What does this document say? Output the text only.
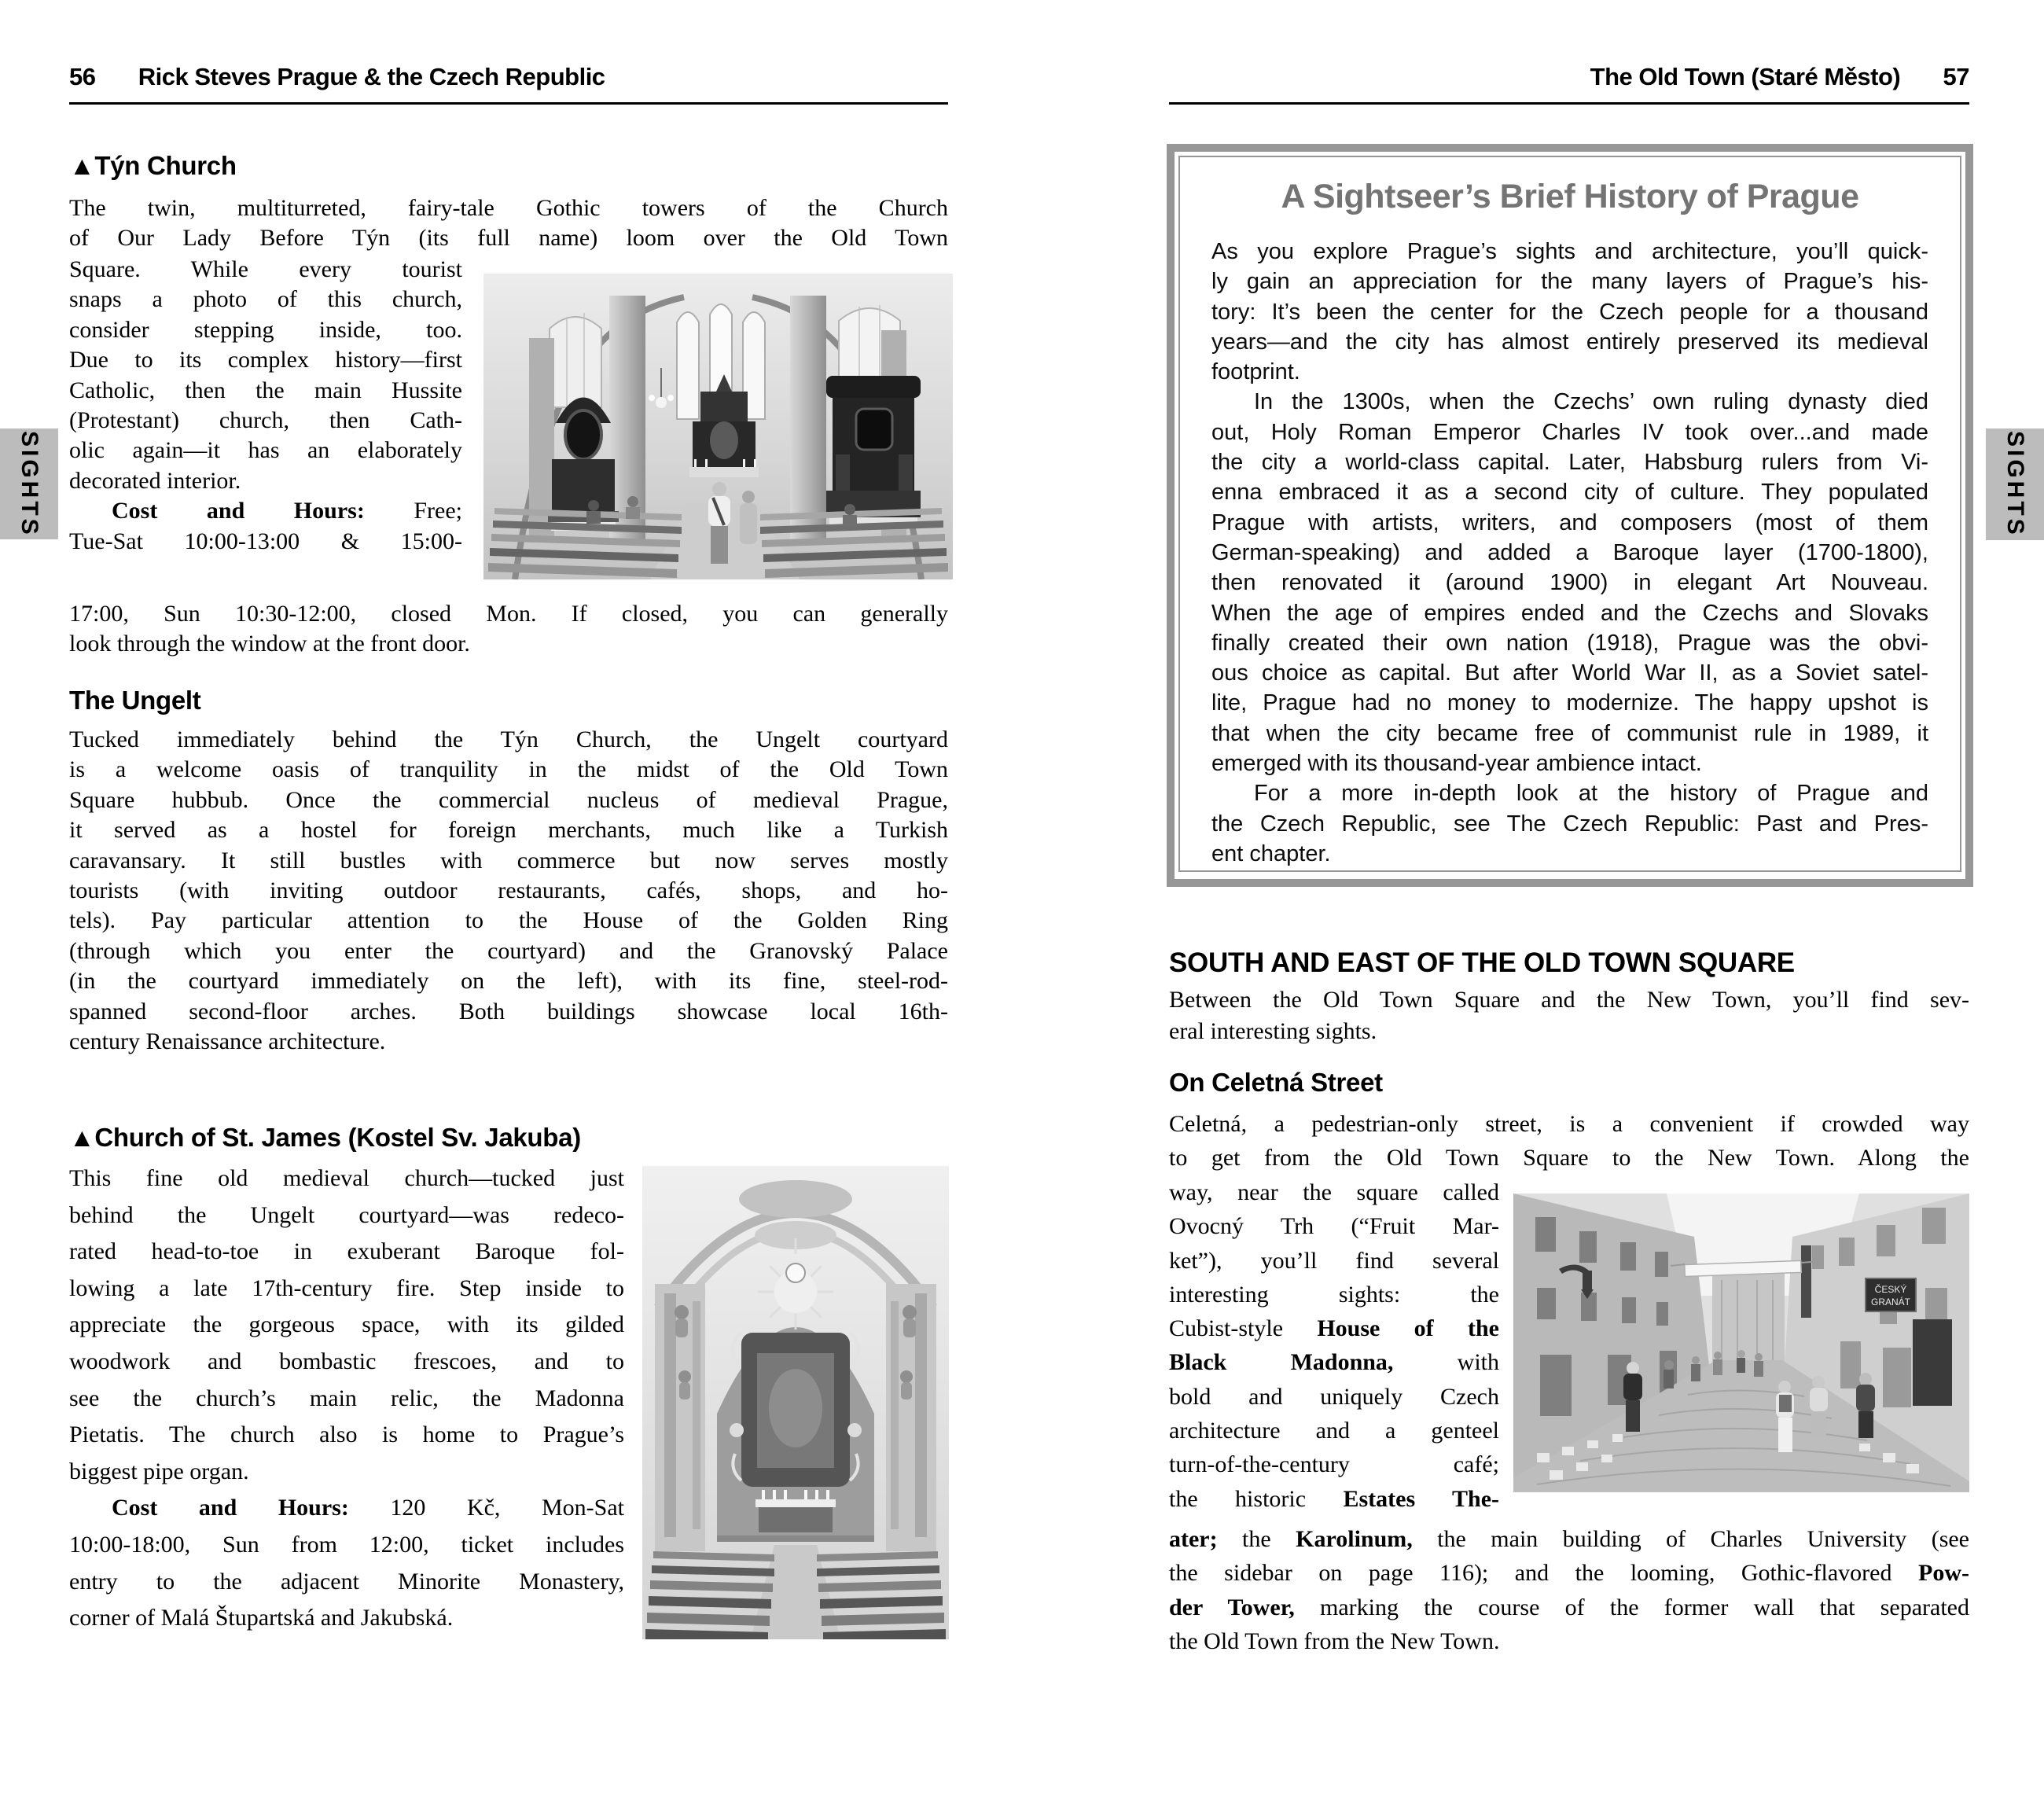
56 Rick Steves Prague & the Czech Republic
SIGHTS
▲Týn Church
The twin, multiturreted, fairy-tale Gothic towers of the Church
of Our Lady Before Týn (its full name) loom over the Old Town
Square. While every tourist
snaps a photo of this church,
consider stepping inside, too.
Due to its complex history—first
Catholic, then the main Hussite
(Protestant) church, then Cath-
olic again—it has an elaborately
decorated interior.
Cost and Hours: Free;
Tue-Sat 10:00-13:00 & 15:00-
17:00, Sun 10:30-12:00, closed Mon. If closed, you can generally
look through the window at the front door.
The Ungelt
Tucked immediately behind the Týn Church, the Ungelt courtyard
is a welcome oasis of tranquility in the midst of the Old Town
Square hubbub. Once the commercial nucleus of medieval Prague,
it served as a hostel for foreign merchants, much like a Turkish
caravansary. It still bustles with commerce but now serves mostly
tourists (with inviting outdoor restaurants, cafés, shops, and ho-
tels). Pay particular attention to the House of the Golden Ring
(through which you enter the courtyard) and the Granovský Palace
(in the courtyard immediately on the left), with its fine, steel-rod-
spanned second-floor arches. Both buildings showcase local 16th-
century Renaissance architecture.
▲Church of St. James (Kostel Sv. Jakuba)
This fine old medieval church—tucked just
behind the Ungelt courtyard—was redeco-
rated head-to-toe in exuberant Baroque fol-
lowing a late 17th-century fire. Step inside to
appreciate the gorgeous space, with its gilded
woodwork and bombastic frescoes, and to
see the church’s main relic, the Madonna
Pietatis. The church also is home to Prague’s
biggest pipe organ.
Cost and Hours: 120 Kč, Mon-Sat
10:00-18:00, Sun from 12:00, ticket includes
entry to the adjacent Minorite Monastery,
corner of Malá Štupartská and Jakubská.
The Old Town (Staré Město) 57
SIGHTS
A Sightseer’s Brief History of Prague
As you explore Prague’s sights and architecture, you’ll quick-
ly gain an appreciation for the many layers of Prague’s his-
tory: It’s been the center for the Czech people for a thousand
years—and the city has almost entirely preserved its medieval
footprint.
In the 1300s, when the Czechs’ own ruling dynasty died
out, Holy Roman Emperor Charles IV took over...and made
the city a world-class capital. Later, Habsburg rulers from Vi-
enna embraced it as a second city of culture. They populated
Prague with artists, writers, and composers (most of them
German-speaking) and added a Baroque layer (1700-1800),
then renovated it (around 1900) in elegant Art Nouveau.
When the age of empires ended and the Czechs and Slovaks
finally created their own nation (1918), Prague was the obvi-
ous choice as capital. But after World War II, as a Soviet satel-
lite, Prague had no money to modernize. The happy upshot is
that when the city became free of communist rule in 1989, it
emerged with its thousand-year ambience intact.
For a more in-depth look at the history of Prague and
the Czech Republic, see The Czech Republic: Past and Pres-
ent chapter.
SOUTH AND EAST OF THE OLD TOWN SQUARE
Between the Old Town Square and the New Town, you’ll find sev-
eral interesting sights.
On Celetná Street
Celetná, a pedestrian-only street, is a convenient if crowded way
to get from the Old Town Square to the New Town. Along the
way, near the square called
Ovocný Trh (“Fruit Mar-
ket”), you’ll find several
interesting sights: the
Cubist-style House of the
Black Madonna, with
bold and uniquely Czech
architecture and a genteel
turn-of-the-century café;
the historic Estates The-
ater; the Karolinum, the main building of Charles University (see
the sidebar on page 116); and the looming, Gothic-flavored Pow-
der Tower, marking the course of the former wall that separated
the Old Town from the New Town.
ČESKÝ
GRANÁT
